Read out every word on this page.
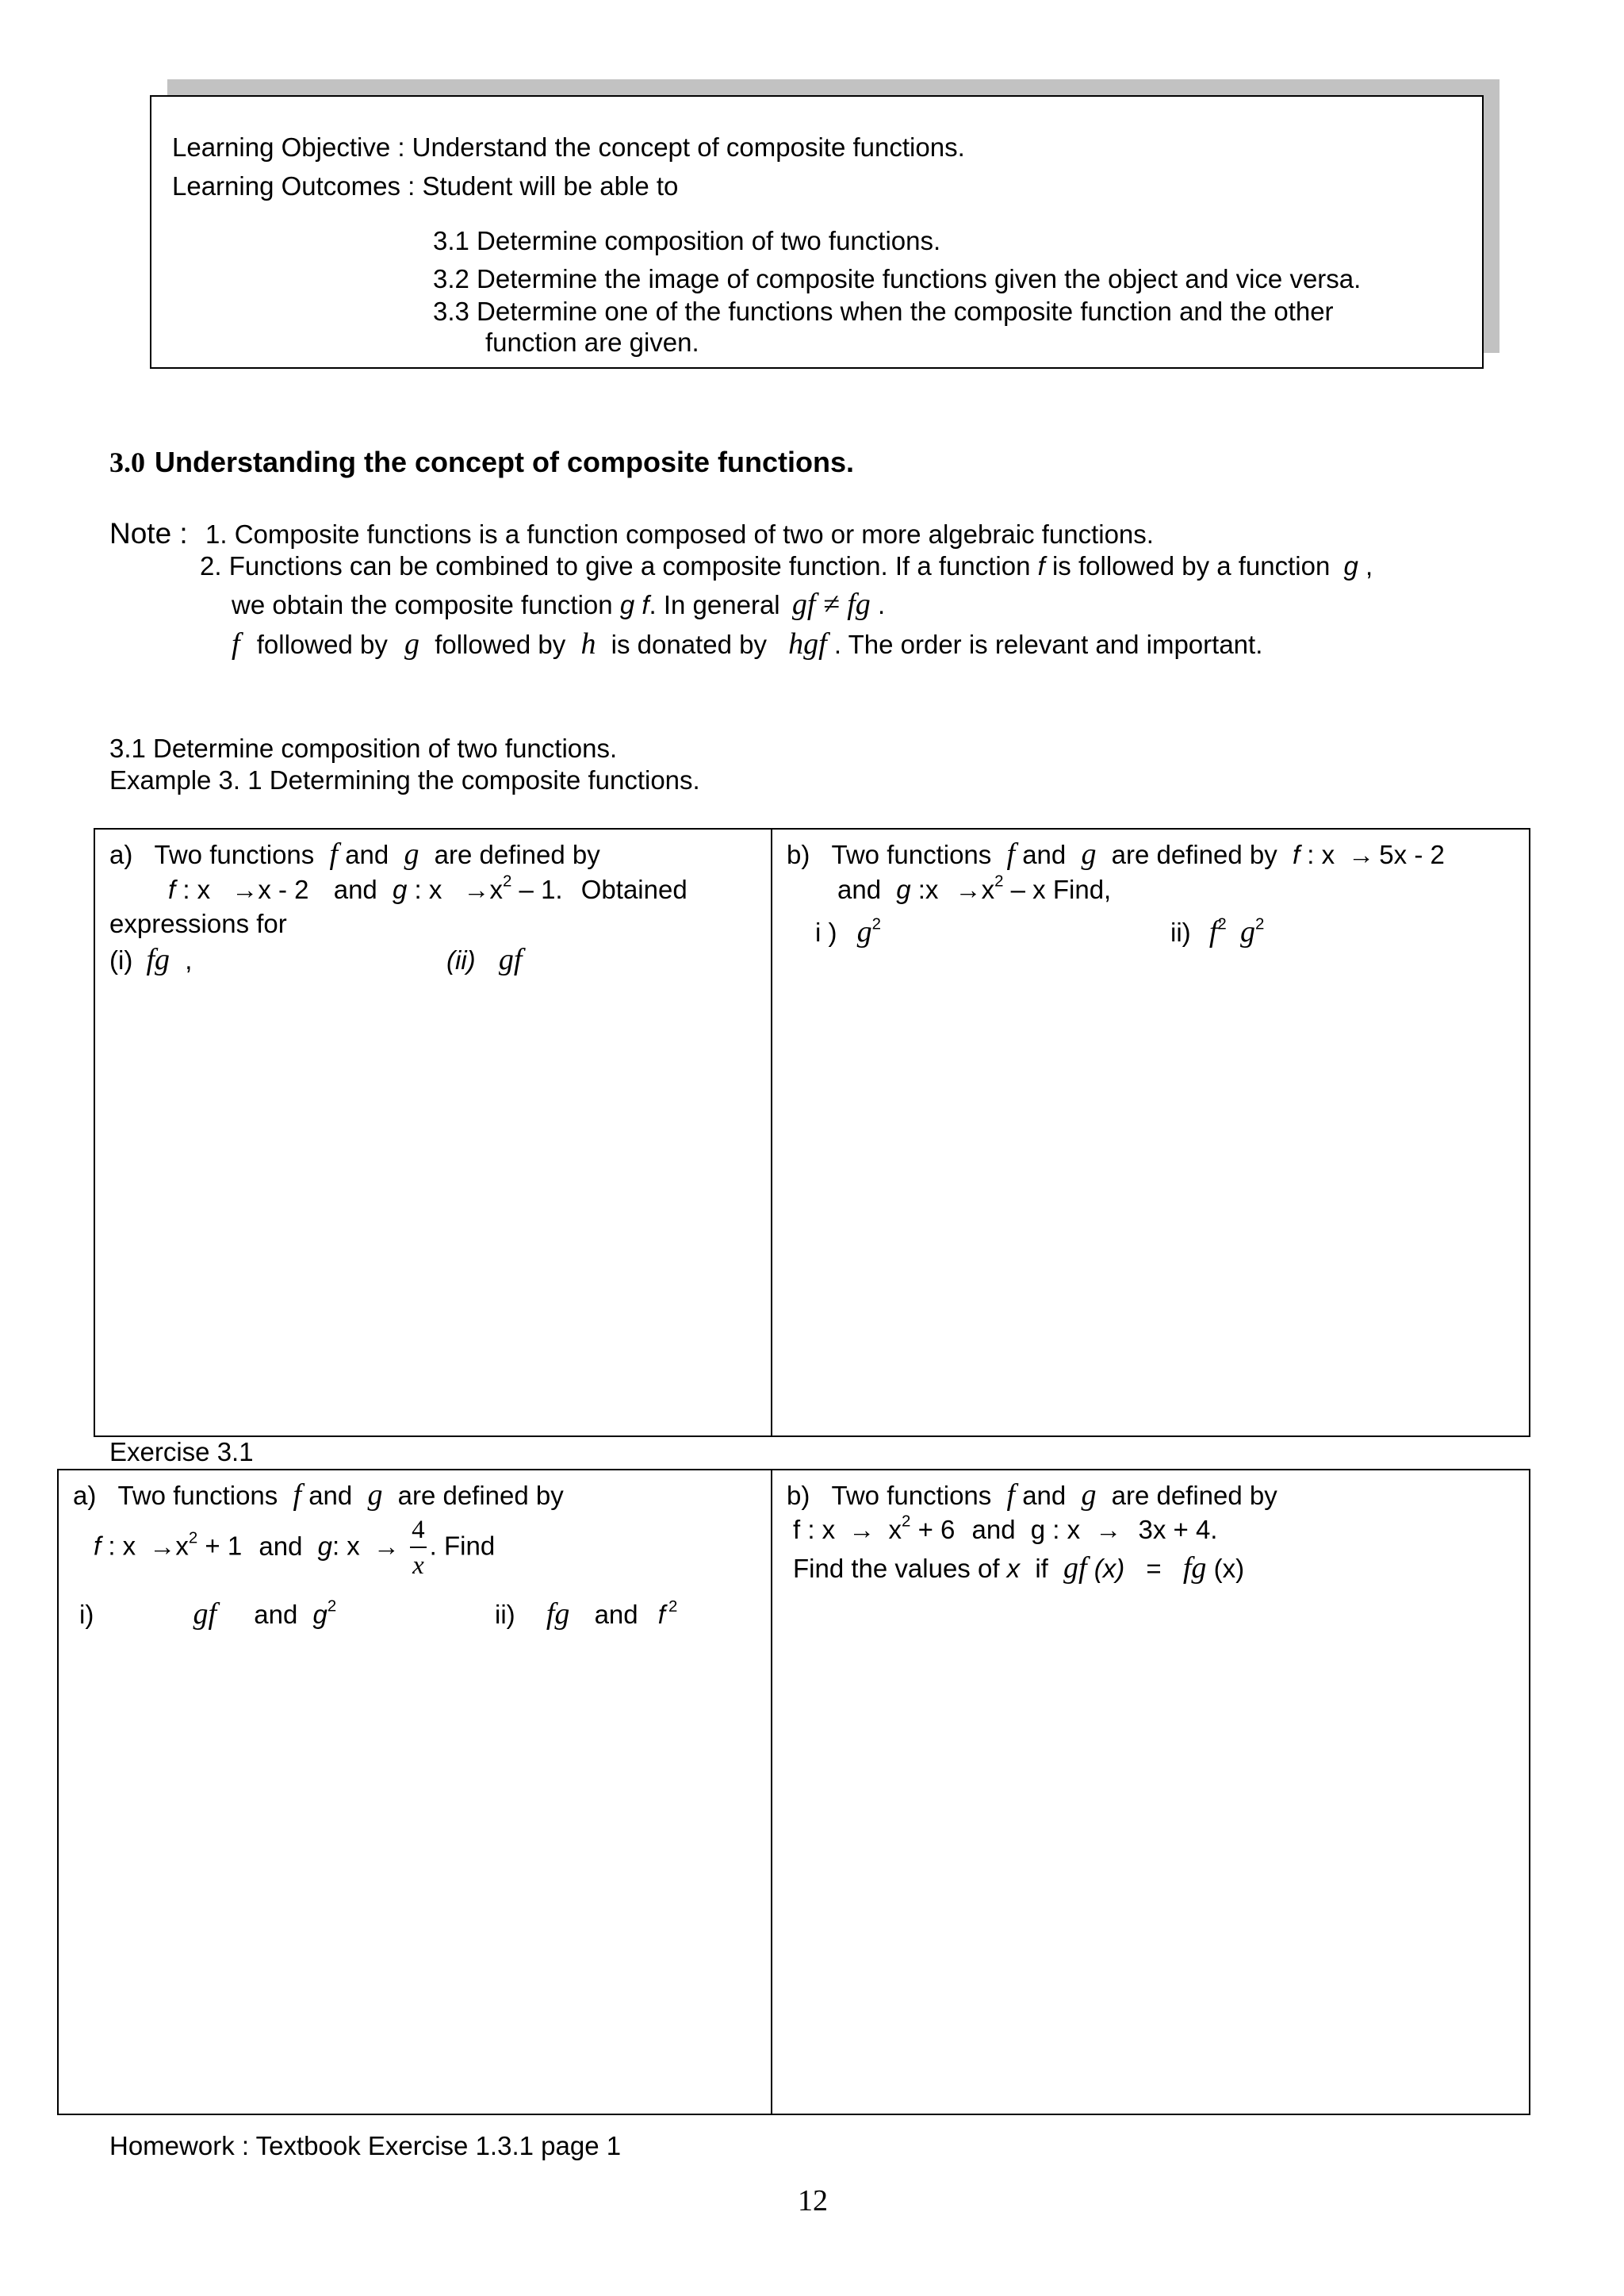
Learning Objective : Understand the concept of composite functions.
Learning Outcomes : Student will be able to
3.1 Determine composition of two functions.
3.2 Determine the image of composite functions given the object and vice versa.
3.3 Determine one of the functions when the composite function and the other
function are given.
3.0 Understanding the concept of composite functions.
Note : 1. Composite functions is a function composed of two or more algebraic functions.
2. Functions can be combined to give a composite function. If a function f is followed by a function g ,
we obtain the composite function g f. In general gf ≠ fg .
f followed by g followed by h is donated by hgf . The order is relevant and important.
3.1 Determine composition of two functions.
Example 3. 1 Determining the composite functions.
a) Two functions f and g are defined by
f : x →x - 2 and g : $x \to x^2 - 1$. Obtained
expressions for
(i) fg ,	(ii) gf
b) Two functions f and g are defined by f : x → 5x - 2
and g :x $\to x^2 - x$ Find,
i ) $g^2$	ii) $f^2$ $g^2$
Exercise 3.1
a) Two functions f and g are defined by
f : $x \to x^2 + 1$ and g: $x \to \frac{4}{x}$ . Find
i)	gf and $g^2$	ii) fg and f $^2$
b) Two functions f and g are defined by
f : $x \to x^2 + 6$ and g : x → 3x + 4.
Find the values of x if gf (x) = fg (x)
Homework : Textbook Exercise 1.3.1 page 1
12
